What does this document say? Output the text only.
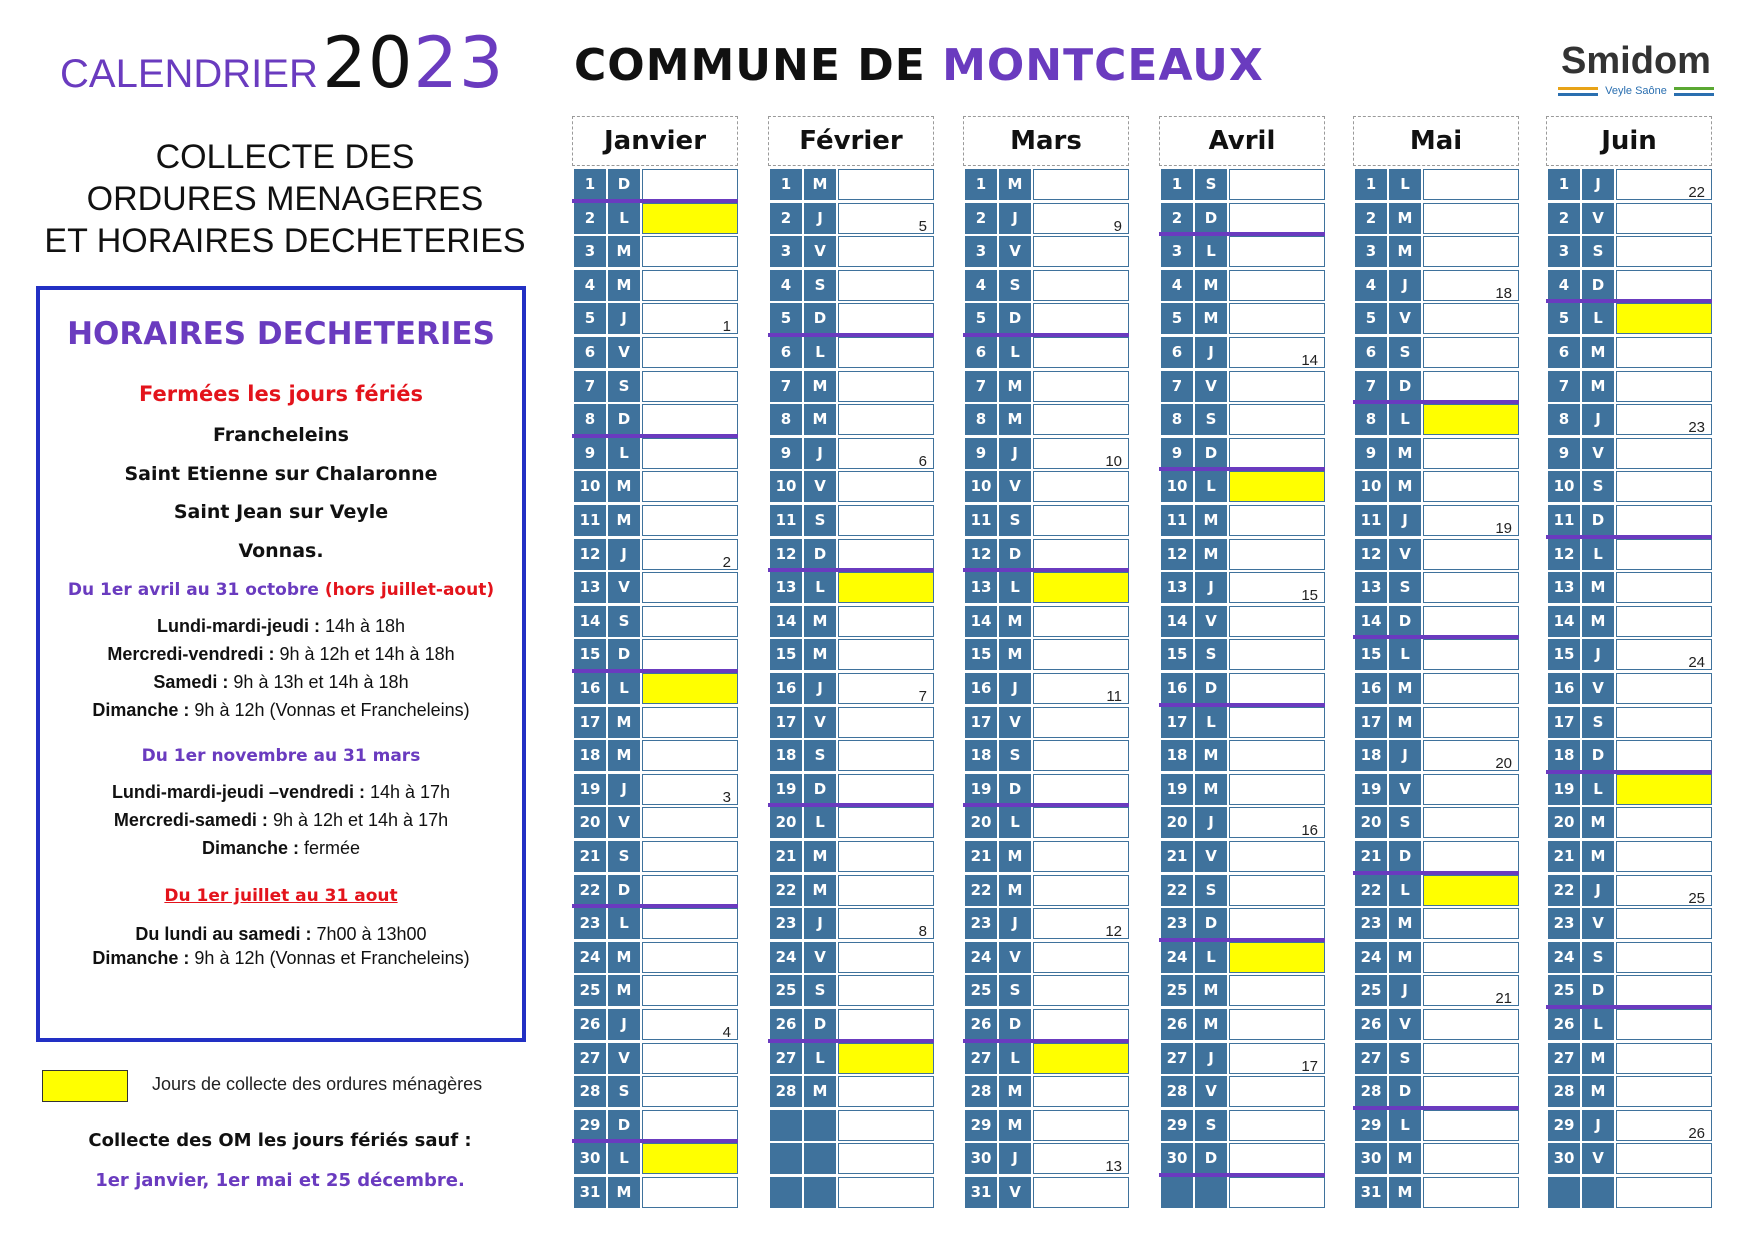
CALENDRIER 2023
COLLECTE DES
ORDURES MENAGERES
ET HORAIRES DECHETERIES
HORAIRES DECHETERIES
Fermées les jours fériés
Francheleins
Saint Etienne sur Chalaronne
Saint Jean sur Veyle
Vonnas.
Du 1er avril au 31 octobre (hors juillet-aout)
Lundi-mardi-jeudi : 14h à 18h
Mercredi-vendredi : 9h à 12h et 14h à 18h
Samedi : 9h à 13h et 14h à 18h
Dimanche : 9h à 12h (Vonnas et Francheleins)
Du 1er novembre au 31 mars
Lundi-mardi-jeudi –vendredi : 14h à 17h
Mercredi-samedi : 9h à 12h et 14h à 17h
Dimanche : fermée
Du 1er juillet au 31 aout
Du lundi au samedi : 7h00 à 13h00
Dimanche : 9h à 12h (Vonnas et Francheleins)
Jours de collecte des ordures ménagères
Collecte des OM les jours fériés sauf :
1er janvier, 1er mai et 25 décembre.
COMMUNE DE MONTCEAUX	Smidom
Veyle Saône
Janvier
1	D
2	L
3	M
4	M
5	J	1
6	V
7	S
8	D
9	L
10	M
11	M
12	J	2
13	V
14	S
15	D
16	L
17	M
18	M
19	J	3
20	V
21	S
22	D
23	L
24	M
25	M
26	J	4
27	V
28	S
29	D
30	L
31	M
Février
1	M
2	J	5
3	V
4	S
5	D
6	L
7	M
8	M
9	J	6
10	V
11	S
12	D
13	L
14	M
15	M
16	J	7
17	V
18	S
19	D
20	L
21	M
22	M
23	J	8
24	V
25	S
26	D
27	L
28	M
Mars
1	M
2	J	9
3	V
4	S
5	D
6	L
7	M
8	M
9	J	10
10	V
11	S
12	D
13	L
14	M
15	M
16	J	11
17	V
18	S
19	D
20	L
21	M
22	M
23	J	12
24	V
25	S
26	D
27	L
28	M
29	M
30	J	13
31	V
Avril
1	S
2	D
3	L
4	M
5	M
6	J	14
7	V
8	S
9	D
10	L
11	M
12	M
13	J	15
14	V
15	S
16	D
17	L
18	M
19	M
20	J	16
21	V
22	S
23	D
24	L
25	M
26	M
27	J	17
28	V
29	S
30	D
Mai
1	L
2	M
3	M
4	J	18
5	V
6	S
7	D
8	L
9	M
10	M
11	J	19
12	V
13	S
14	D
15	L
16	M
17	M
18	J	20
19	V
20	S
21	D
22	L
23	M
24	M
25	J	21
26	V
27	S
28	D
29	L
30	M
31	M
Juin
1	J	22
2	V
3	S
4	D
5	L
6	M
7	M
8	J	23
9	V
10	S
11	D
12	L
13	M
14	M
15	J	24
16	V
17	S
18	D
19	L
20	M
21	M
22	J	25
23	V
24	S
25	D
26	L
27	M
28	M
29	J	26
30	V
